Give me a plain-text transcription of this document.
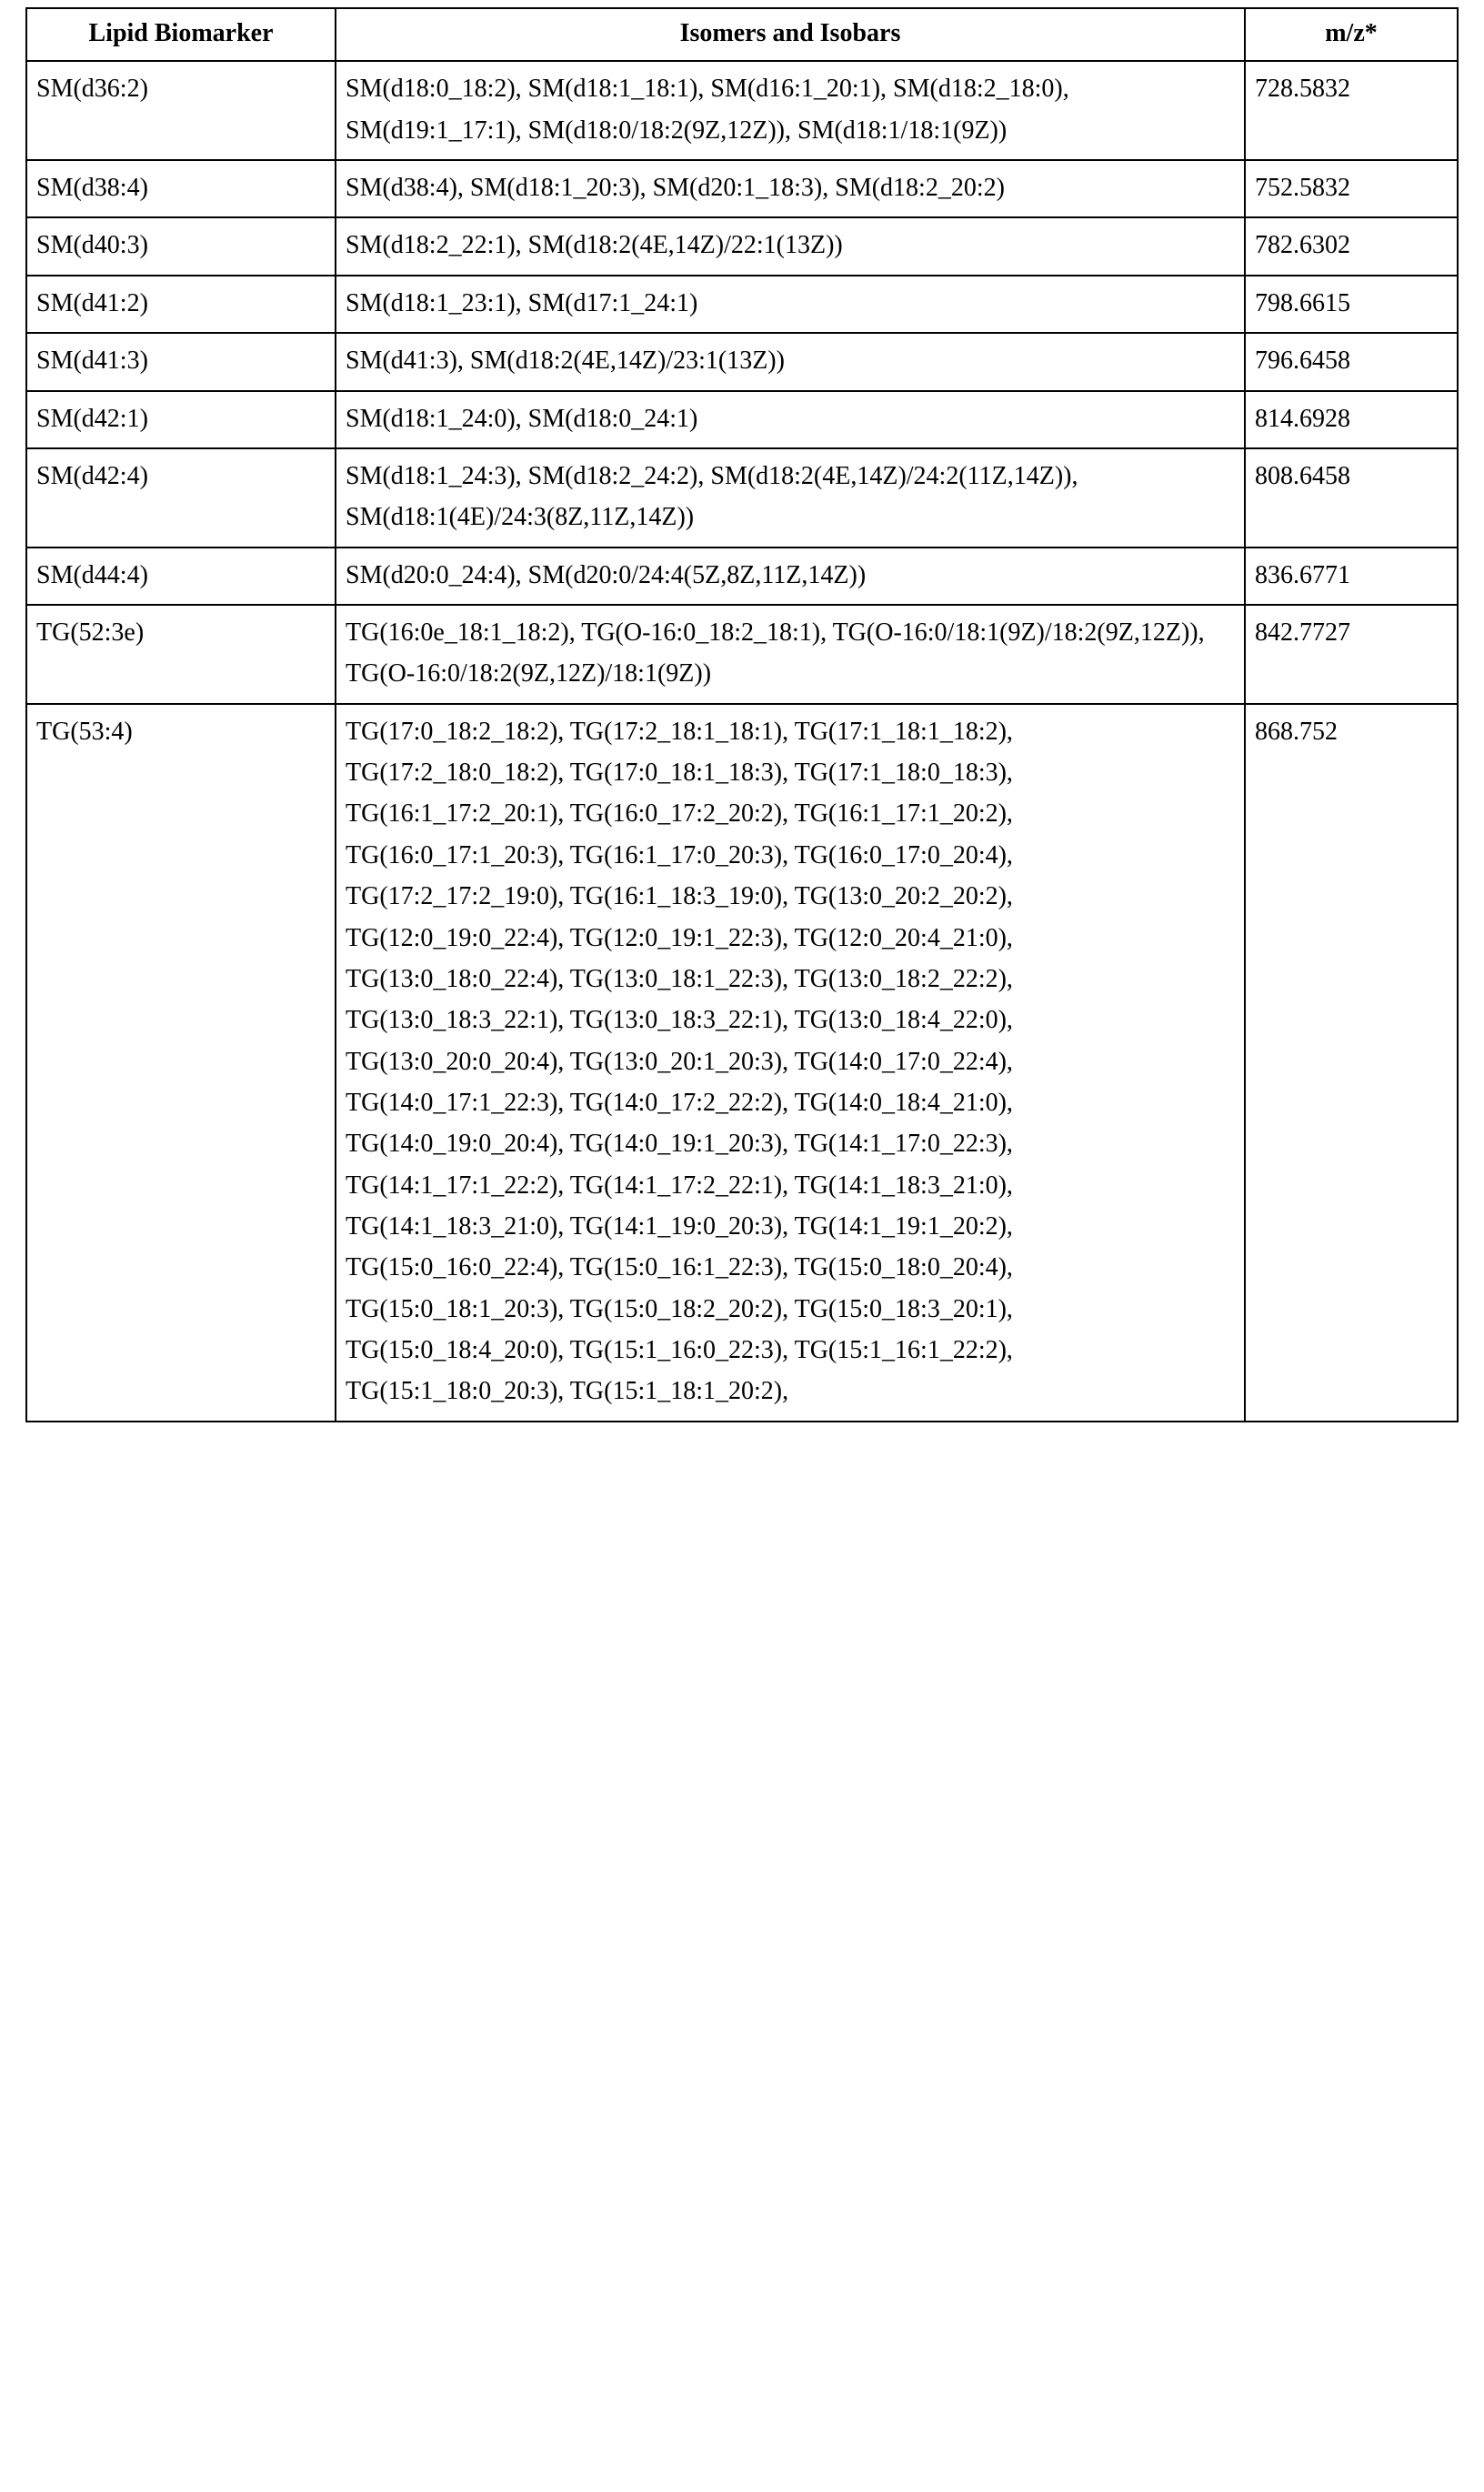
Lipid Biomarker	Isomers and Isobars	m/z*
SM(d36:2)	SM(d18:0_18:2), SM(d18:1_18:1), SM(d16:1_20:1), SM(d18:2_18:0), SM(d19:1_17:1), SM(d18:0/18:2(9Z,12Z)), SM(d18:1/18:1(9Z))	728.5832
SM(d38:4)	SM(d38:4), SM(d18:1_20:3), SM(d20:1_18:3), SM(d18:2_20:2)	752.5832
SM(d40:3)	SM(d18:2_22:1), SM(d18:2(4E,14Z)/22:1(13Z))	782.6302
SM(d41:2)	SM(d18:1_23:1), SM(d17:1_24:1)	798.6615
SM(d41:3)	SM(d41:3), SM(d18:2(4E,14Z)/23:1(13Z))	796.6458
SM(d42:1)	SM(d18:1_24:0), SM(d18:0_24:1)	814.6928
SM(d42:4)	SM(d18:1_24:3), SM(d18:2_24:2), SM(d18:2(4E,14Z)/24:2(11Z,14Z)), SM(d18:1(4E)/24:3(8Z,11Z,14Z))	808.6458
SM(d44:4)	SM(d20:0_24:4), SM(d20:0/24:4(5Z,8Z,11Z,14Z))	836.6771
TG(52:3e)	TG(16:0e_18:1_18:2), TG(O-16:0_18:2_18:1), TG(O-16:0/18:1(9Z)/18:2(9Z,12Z)), TG(O-16:0/18:2(9Z,12Z)/18:1(9Z))	842.7727
TG(53:4)	TG(17:0_18:2_18:2), TG(17:2_18:1_18:1), TG(17:1_18:1_18:2), TG(17:2_18:0_18:2), TG(17:0_18:1_18:3), TG(17:1_18:0_18:3), TG(16:1_17:2_20:1), TG(16:0_17:2_20:2), TG(16:1_17:1_20:2), TG(16:0_17:1_20:3), TG(16:1_17:0_20:3), TG(16:0_17:0_20:4), TG(17:2_17:2_19:0), TG(16:1_18:3_19:0), TG(13:0_20:2_20:2), TG(12:0_19:0_22:4), TG(12:0_19:1_22:3), TG(12:0_20:4_21:0), TG(13:0_18:0_22:4), TG(13:0_18:1_22:3), TG(13:0_18:2_22:2), TG(13:0_18:3_22:1), TG(13:0_18:3_22:1), TG(13:0_18:4_22:0), TG(13:0_20:0_20:4), TG(13:0_20:1_20:3), TG(14:0_17:0_22:4), TG(14:0_17:1_22:3), TG(14:0_17:2_22:2), TG(14:0_18:4_21:0), TG(14:0_19:0_20:4), TG(14:0_19:1_20:3), TG(14:1_17:0_22:3), TG(14:1_17:1_22:2), TG(14:1_17:2_22:1), TG(14:1_18:3_21:0), TG(14:1_18:3_21:0), TG(14:1_19:0_20:3), TG(14:1_19:1_20:2), TG(15:0_16:0_22:4), TG(15:0_16:1_22:3), TG(15:0_18:0_20:4), TG(15:0_18:1_20:3), TG(15:0_18:2_20:2), TG(15:0_18:3_20:1), TG(15:0_18:4_20:0), TG(15:1_16:0_22:3), TG(15:1_16:1_22:2), TG(15:1_18:0_20:3), TG(15:1_18:1_20:2),	868.752
